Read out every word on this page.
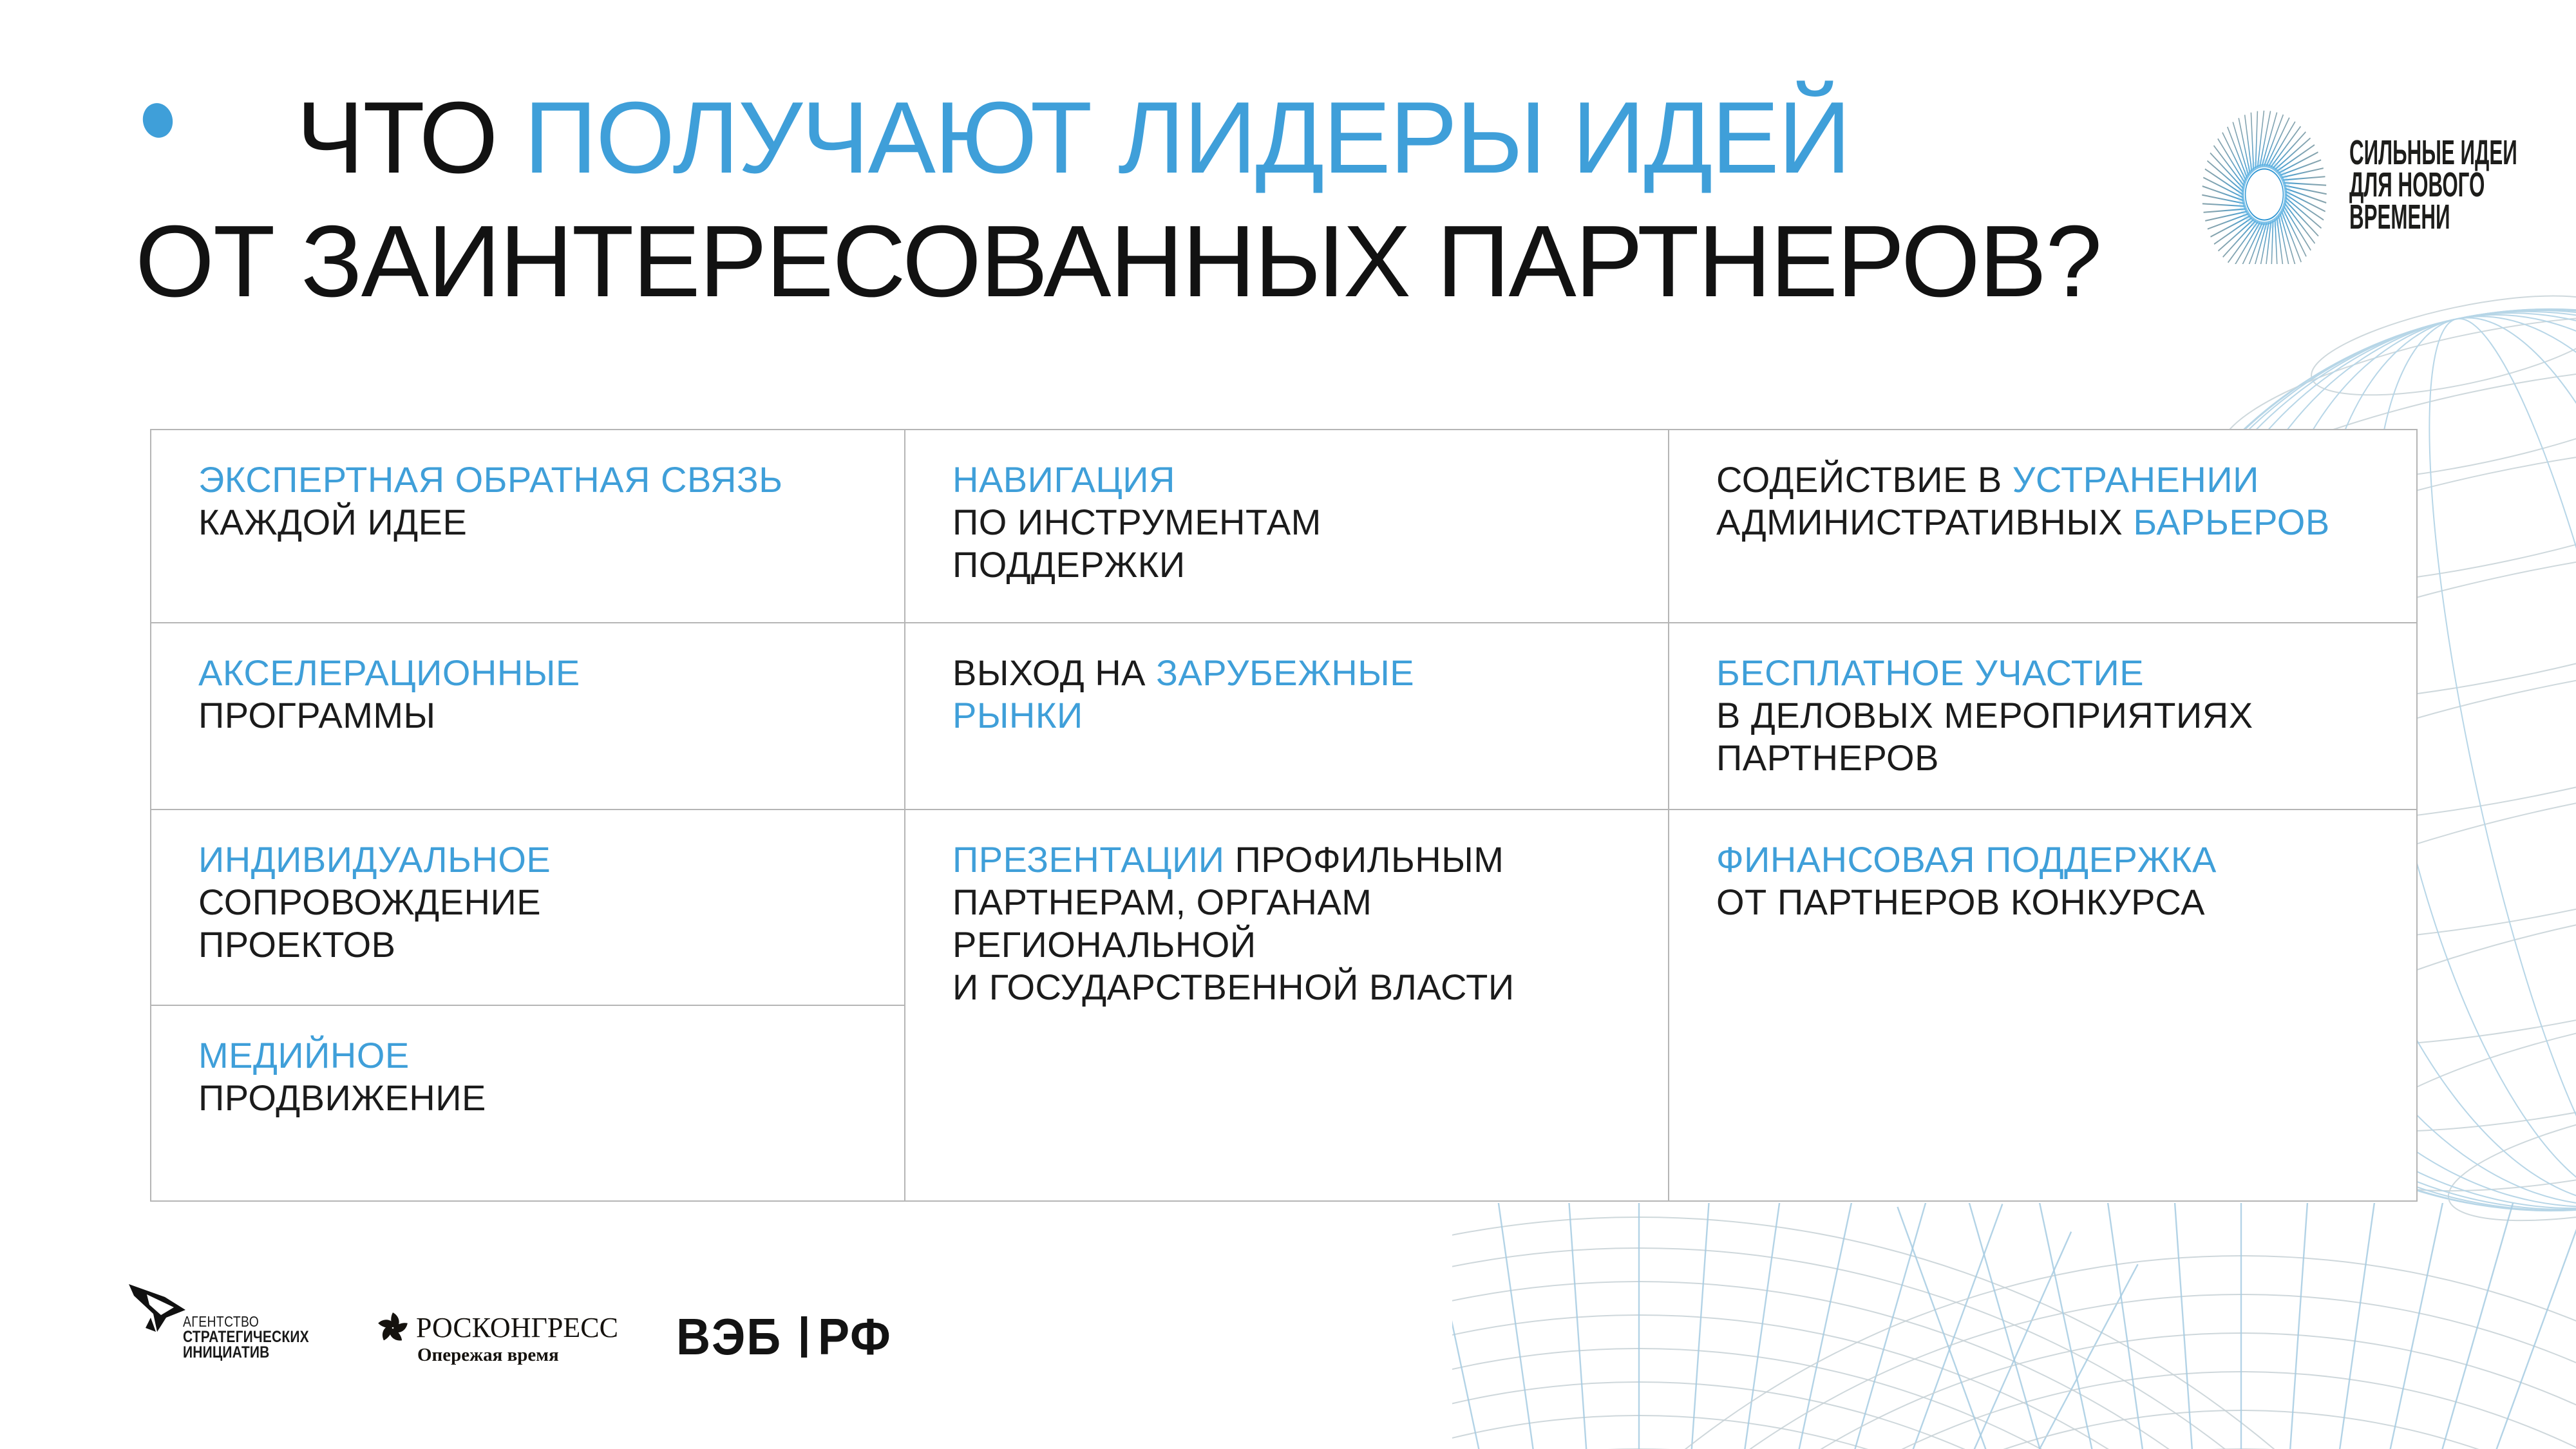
ЧТО ПОЛУЧАЮТ ЛИДЕРЫ ИДЕЙ
ОТ ЗАИНТЕРЕСОВАННЫХ ПАРТНЕРОВ?
СИЛЬНЫЕ ИДЕИ
ДЛЯ НОВОГО
ВРЕМЕНИ

ЭКСПЕРТНАЯ ОБРАТНАЯ СВЯЗЬ
КАЖДОЙ ИДЕЕ

НАВИГАЦИЯ
ПО ИНСТРУМЕНТАМ
ПОДДЕРЖКИ

СОДЕЙСТВИЕ В УСТРАНЕНИИ
АДМИНИСТРАТИВНЫХ БАРЬЕРОВ

АКСЕЛЕРАЦИОННЫЕ
ПРОГРАММЫ

ВЫХОД НА ЗАРУБЕЖНЫЕ
РЫНКИ

БЕСПЛАТНОЕ УЧАСТИЕ
В ДЕЛОВЫХ МЕРОПРИЯТИЯХ
ПАРТНЕРОВ

ИНДИВИДУАЛЬНОЕ
СОПРОВОЖДЕНИЕ
ПРОЕКТОВ

ПРЕЗЕНТАЦИИ ПРОФИЛЬНЫМ
ПАРТНЕРАМ, ОРГАНАМ
РЕГИОНАЛЬНОЙ
И ГОСУДАРСТВЕННОЙ ВЛАСТИ

ФИНАНСОВАЯ ПОДДЕРЖКА
ОТ ПАРТНЕРОВ КОНКУРСА

МЕДИЙНОЕ
ПРОДВИЖЕНИЕ

АГЕНТСТВО
СТРАТЕГИЧЕСКИХ
ИНИЦИАТИВ
РОСКОНГРЕСС
Опережая время ВЭБ РФ
